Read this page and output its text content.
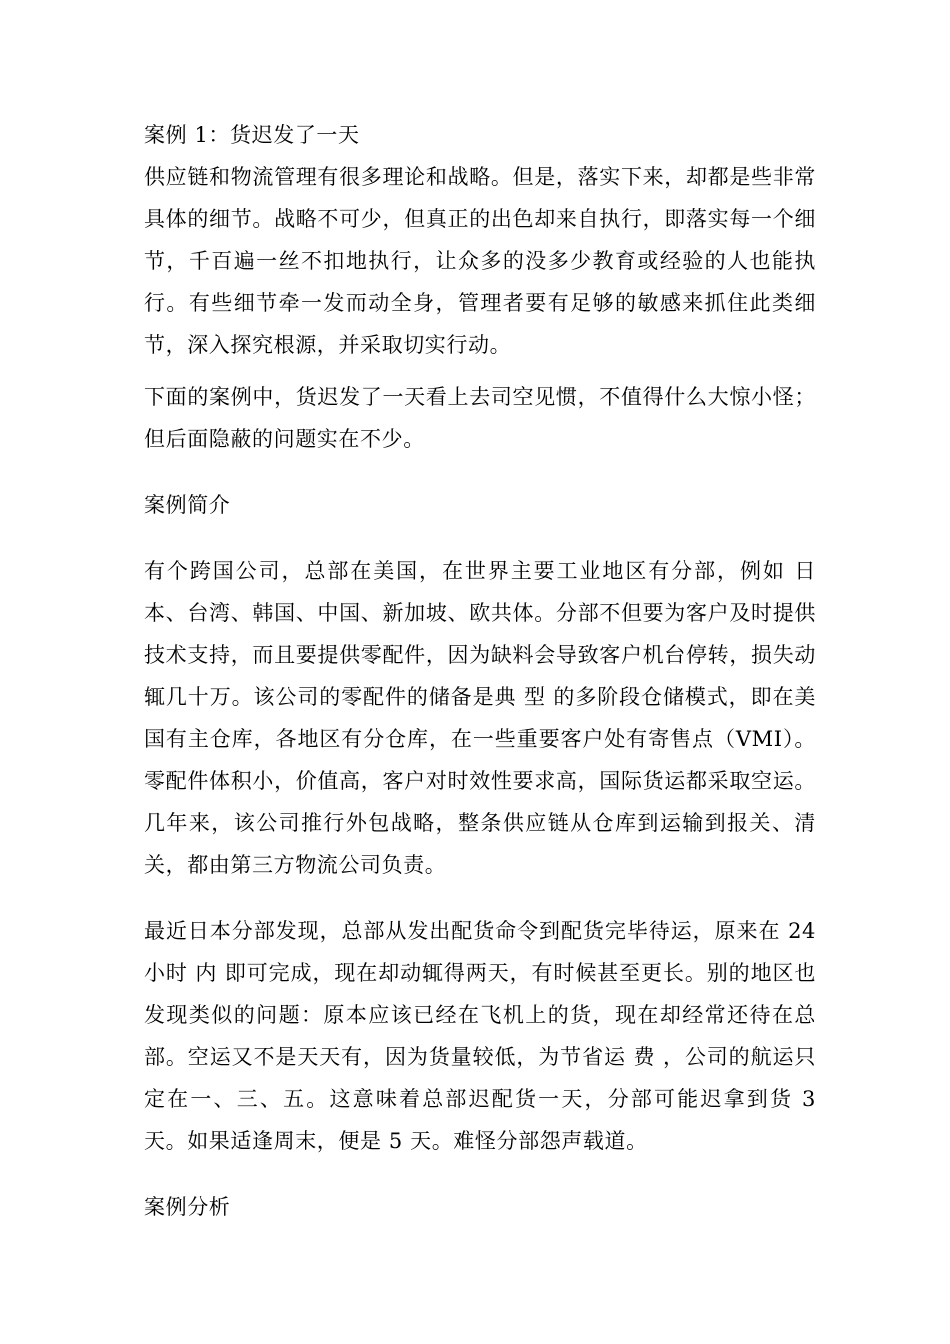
案例 1：货迟发了一天

供应链和物流管理有很多理论和战略。但是，落实下来，却都是些非常具体的细节。战略不可少，但真正的出色却来自执行，即落实每一个细节，千百遍一丝不扣地执行，让众多的没多少教育或经验的人也能执行。有些细节牵一发而动全身，管理者要有足够的敏感来抓住此类细节，深入探究根源，并采取切实行动。

下面的案例中，货迟发了一天看上去司空见惯，不值得什么大惊小怪；但后面隐蔽的问题实在不少。

案例简介

有个跨国公司，总部在美国，在世界主要工业地区有分部，例如 日本、台湾、韩国、中国、新加坡、欧共体。分部不但要为客户及时提供技术支持，而且要提供零配件，因为缺料会导致客户机台停转，损失动辄几十万。该公司的零配件的储备是典 型 的多阶段仓储模式，即在美国有主仓库，各地区有分仓库，在一些重要客户处有寄售点（VMI）。零配件体积小，价值高，客户对时效性要求高，国际货运都采取空运。几年来，该公司推行外包战略，整条供应链从仓库到运输到报关、清关，都由第三方物流公司负责。

最近日本分部发现，总部从发出配货命令到配货完毕待运，原来在 24 小时 内 即可完成，现在却动辄得两天，有时候甚至更长。别的地区也发现类似的问题：原本应该已经在飞机上的货，现在却经常还待在总部。空运又不是天天有，因为货量较低，为节省运 费 ，公司的航运只定在一、三、五。这意味着总部迟配货一天，分部可能迟拿到货 3 天。如果适逢周末，便是 5 天。难怪分部怨声载道。

案例分析
